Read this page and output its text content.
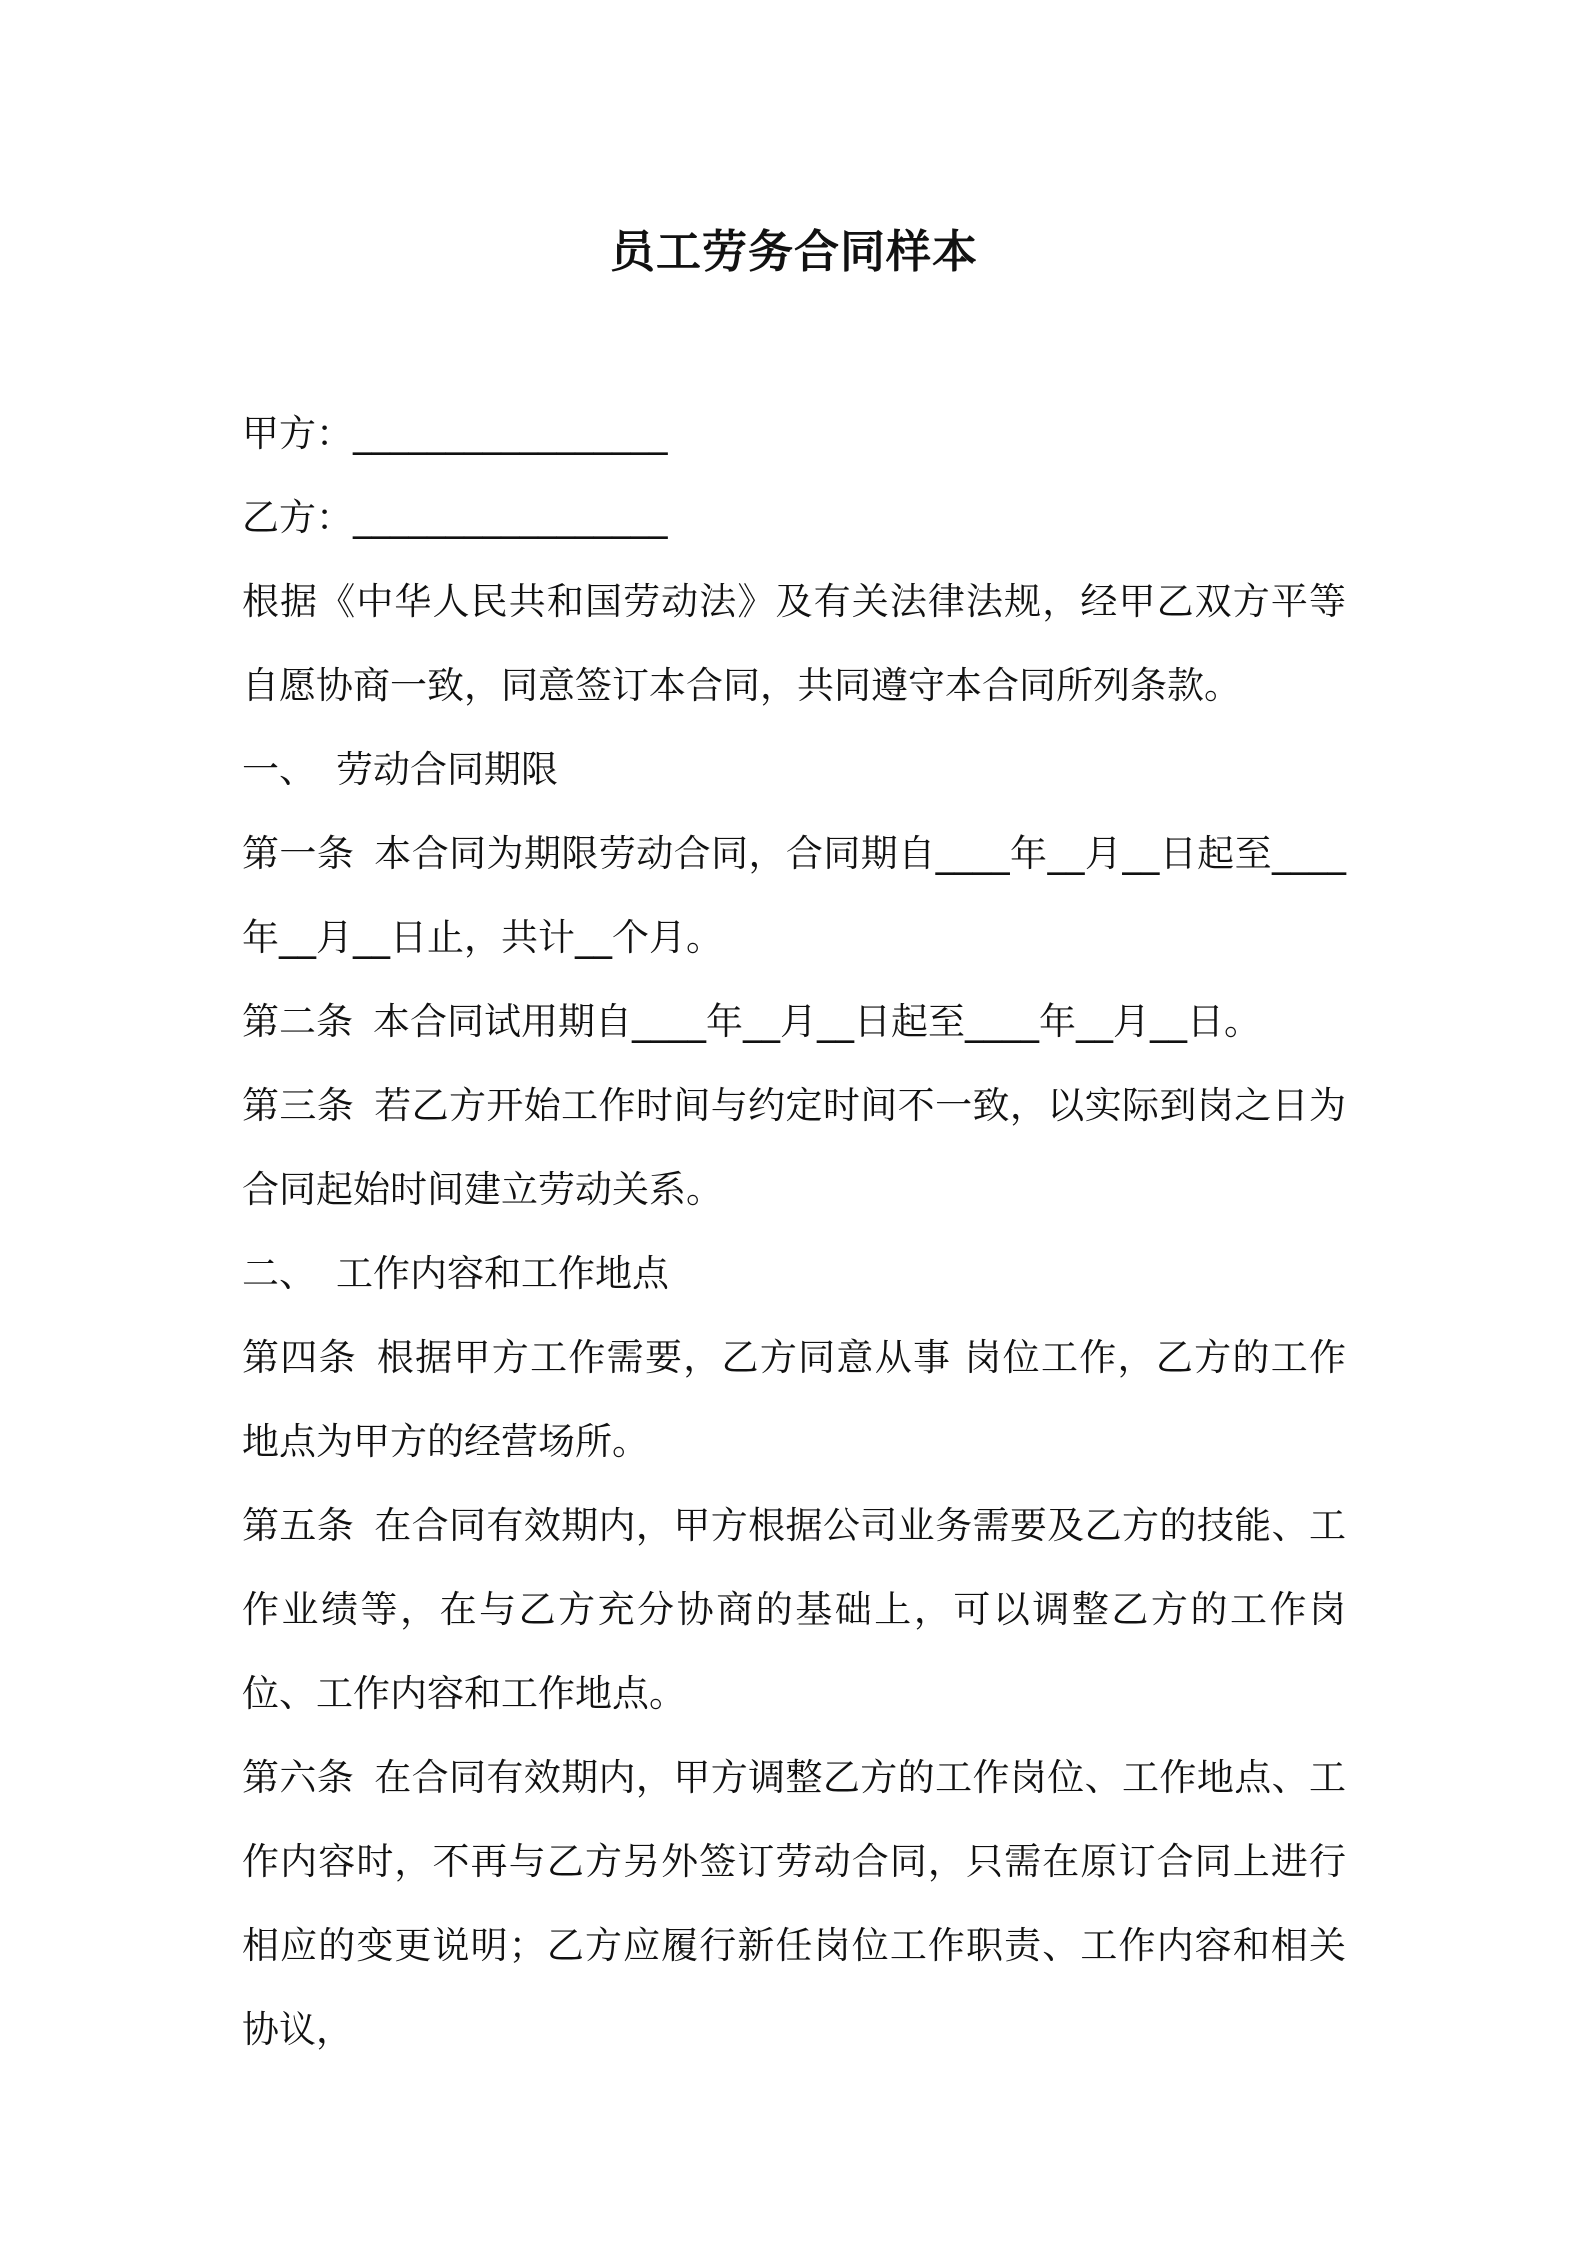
员工劳务合同样本

甲方：_________________

乙方：_________________

根据《中华人民共和国劳动法》及有关法律法规，经甲乙双方平等自愿协商一致，同意签订本合同，共同遵守本合同所列条款。

一、 劳动合同期限

第一条 本合同为期限劳动合同，合同期自____年__月__日起至____年__月__日止，共计__个月。

第二条 本合同试用期自____年__月__日起至____年__月__日。

第三条 若乙方开始工作时间与约定时间不一致，以实际到岗之日为合同起始时间建立劳动关系。

二、 工作内容和工作地点

第四条 根据甲方工作需要，乙方同意从事 岗位工作，乙方的工作地点为甲方的经营场所。

第五条 在合同有效期内，甲方根据公司业务需要及乙方的技能、工作业绩等，在与乙方充分协商的基础上，可以调整乙方的工作岗位、工作内容和工作地点。

第六条 在合同有效期内，甲方调整乙方的工作岗位、工作地点、工作内容时，不再与乙方另外签订劳动合同，只需在原订合同上进行相应的变更说明；乙方应履行新任岗位工作职责、工作内容和相关协议，
